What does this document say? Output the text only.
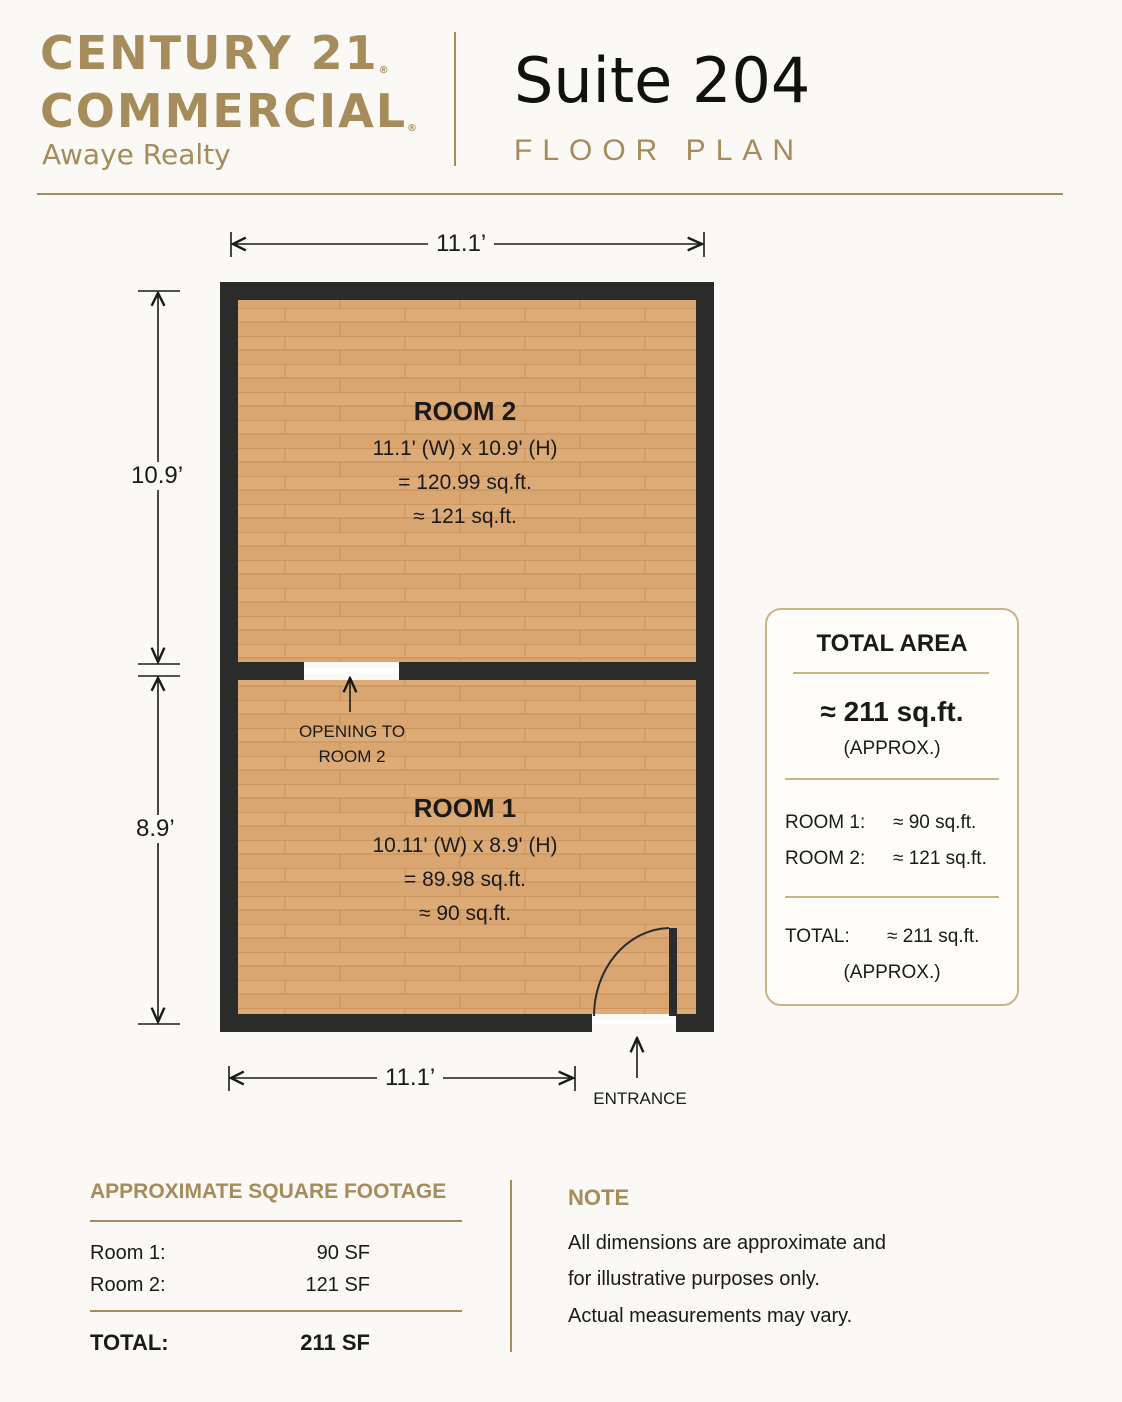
CENTURY 21®
COMMERCIAL®
Awaye Realty
Suite 204
FLOOR PLAN
11.1’
11.1’
10.9’
8.9’
ROOM 2
11.1' (W) x 10.9' (H)
= 120.99 sq.ft.
≈ 121 sq.ft.
ROOM 1
10.11' (W) x 8.9' (H)
= 89.98 sq.ft.
≈ 90 sq.ft.
OPENING TO
ROOM 2
ENTRANCE
TOTAL AREA
≈ 211 sq.ft.
(APPROX.)
ROOM 1: ≈ 90 sq.ft.
ROOM 2: ≈ 121 sq.ft.
TOTAL: ≈ 211 sq.ft.
(APPROX.)
APPROXIMATE SQUARE FOOTAGE
Room 1:	90 SF
Room 2:	121 SF
TOTAL:	211 SF
NOTE
All dimensions are approximate and
for illustrative purposes only.
Actual measurements may vary.
